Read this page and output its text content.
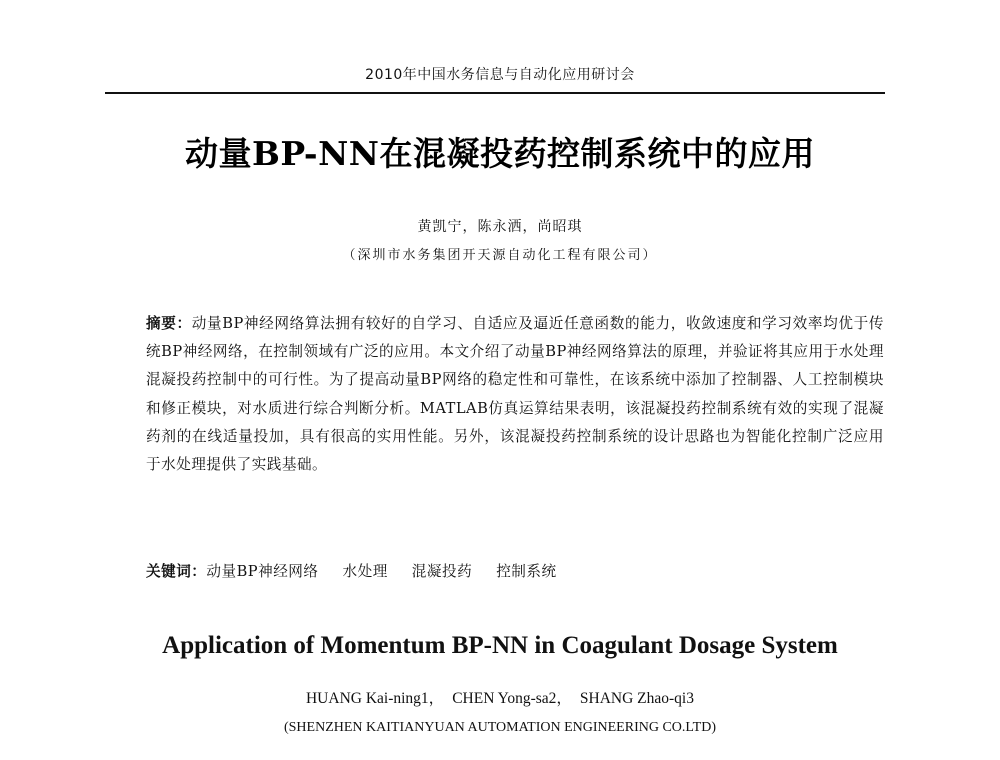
2010年中国水务信息与自动化应用研讨会
动量BP-NN在混凝投药控制系统中的应用
黄凯宁，陈永洒，尚昭琪
（深圳市水务集团开天源自动化工程有限公司）
摘要：动量BP神经网络算法拥有较好的自学习、自适应及逼近任意函数的能力，收敛速度和学习效率均优于传统BP神经网络，在控制领域有广泛的应用。本文介绍了动量BP神经网络算法的原理，并验证将其应用于水处理混凝投药控制中的可行性。为了提高动量BP网络的稳定性和可靠性，在该系统中添加了控制器、人工控制模块和修正模块，对水质进行综合判断分析。MATLAB仿真运算结果表明，该混凝投药控制系统有效的实现了混凝药剂的在线适量投加，具有很高的实用性能。另外，该混凝投药控制系统的设计思路也为智能化控制广泛应用于水处理提供了实践基础。
关键词：动量BP神经网络 水处理 混凝投药 控制系统
Application of Momentum BP-NN in Coagulant Dosage System
HUANG Kai-ning1， CHEN Yong-sa2， SHANG Zhao-qi3
(SHENZHEN KAITIANYUAN AUTOMATION ENGINEERING CO.LTD)
